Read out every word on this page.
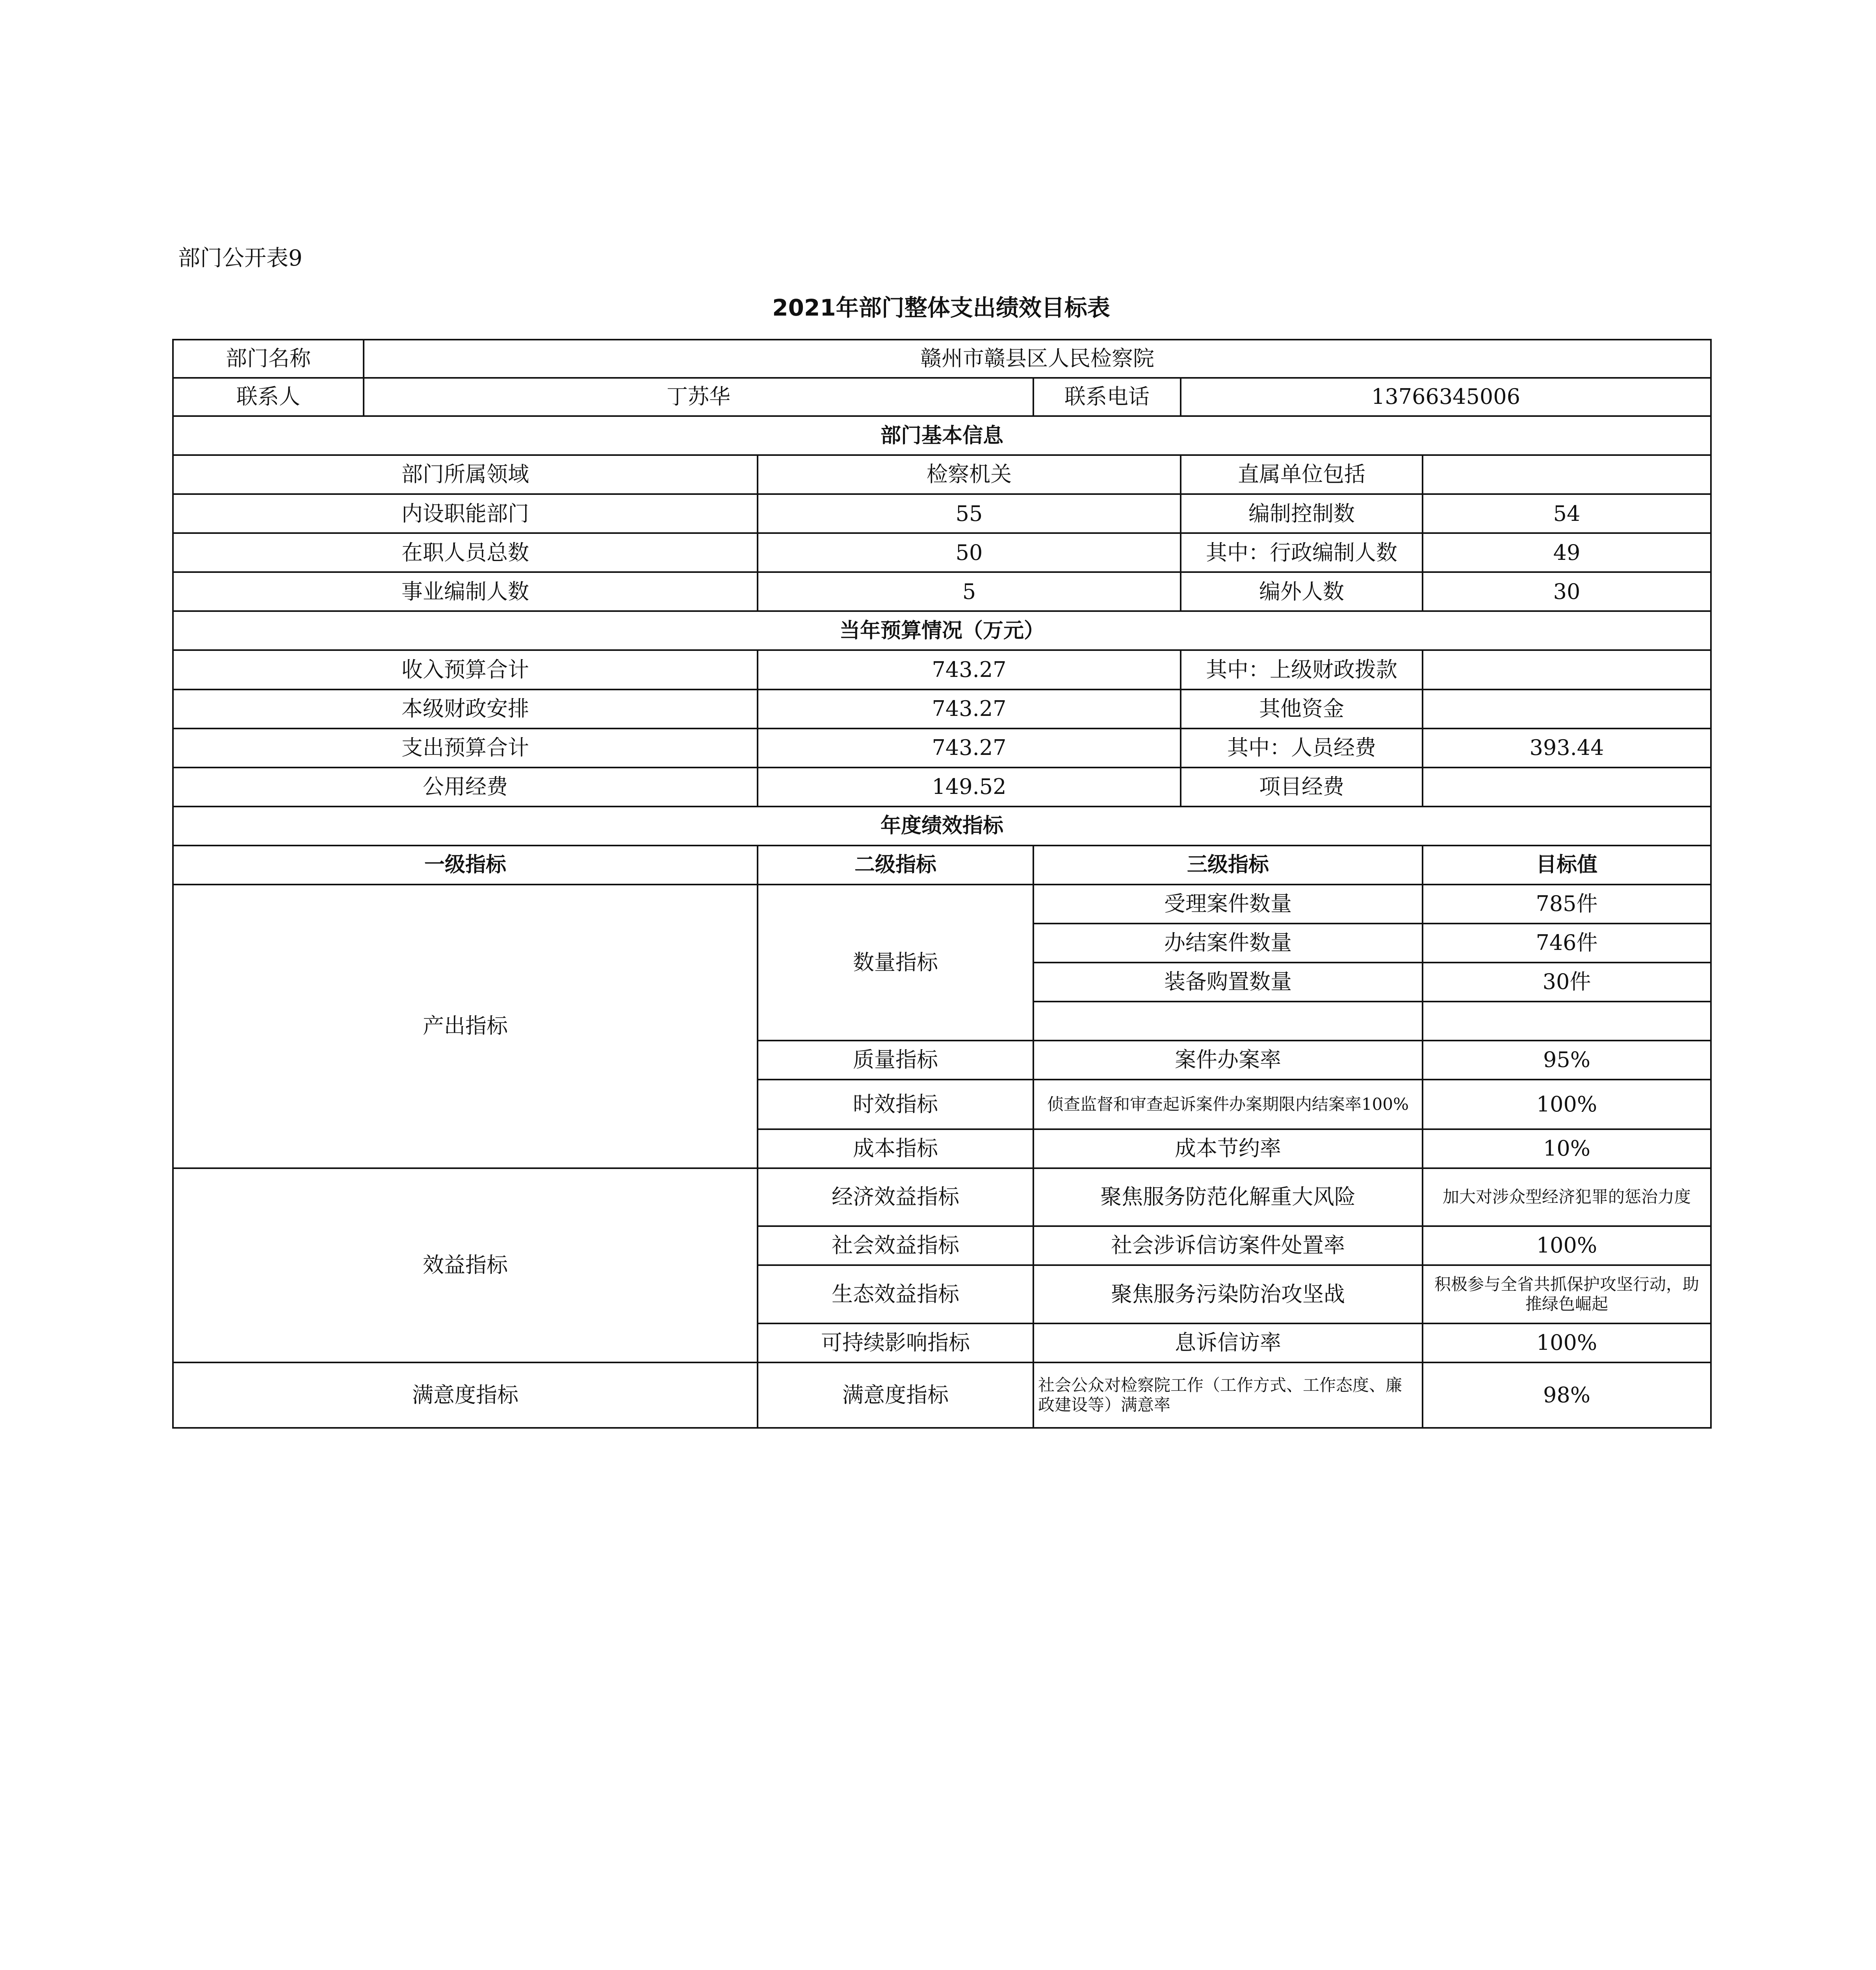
部门公开表9
2021年部门整体支出绩效目标表
部门名称	赣州市赣县区人民检察院				
联系人	丁苏华		联系电话	13766345006	
部门基本信息					
部门所属领域		检察机关		直属单位包括	
内设职能部门		55		编制控制数	54
在职人员总数		50		其中：行政编制人数	49
事业编制人数		5		编外人数	30
当年预算情况（万元）					
收入预算合计		743.27		其中：上级财政拨款	
本级财政安排		743.27		其他资金	
支出预算合计		743.27		其中：人员经费	393.44
公用经费		149.52		项目经费	
年度绩效指标					
一级指标		二级指标	三级指标		目标值
产出指标		数量指标	受理案件数量		785件
			办结案件数量		746件
			装备购置数量		30件

		质量指标	案件办案率		95%
		时效指标	侦查监督和审查起诉案件办案期限内结案率100%		100%
		成本指标	成本节约率		10%
效益指标		经济效益指标	聚焦服务防范化解重大风险		加大对涉众型经济犯罪的惩治力度
		社会效益指标	社会涉诉信访案件处置率		100%
		生态效益指标	聚焦服务污染防治攻坚战		积极参与全省共抓保护攻坚行动，助推绿色崛起
		可持续影响指标	息诉信访率		100%
满意度指标		满意度指标	社会公众对检察院工作（工作方式、工作态度、廉政建设等）满意率		98%
